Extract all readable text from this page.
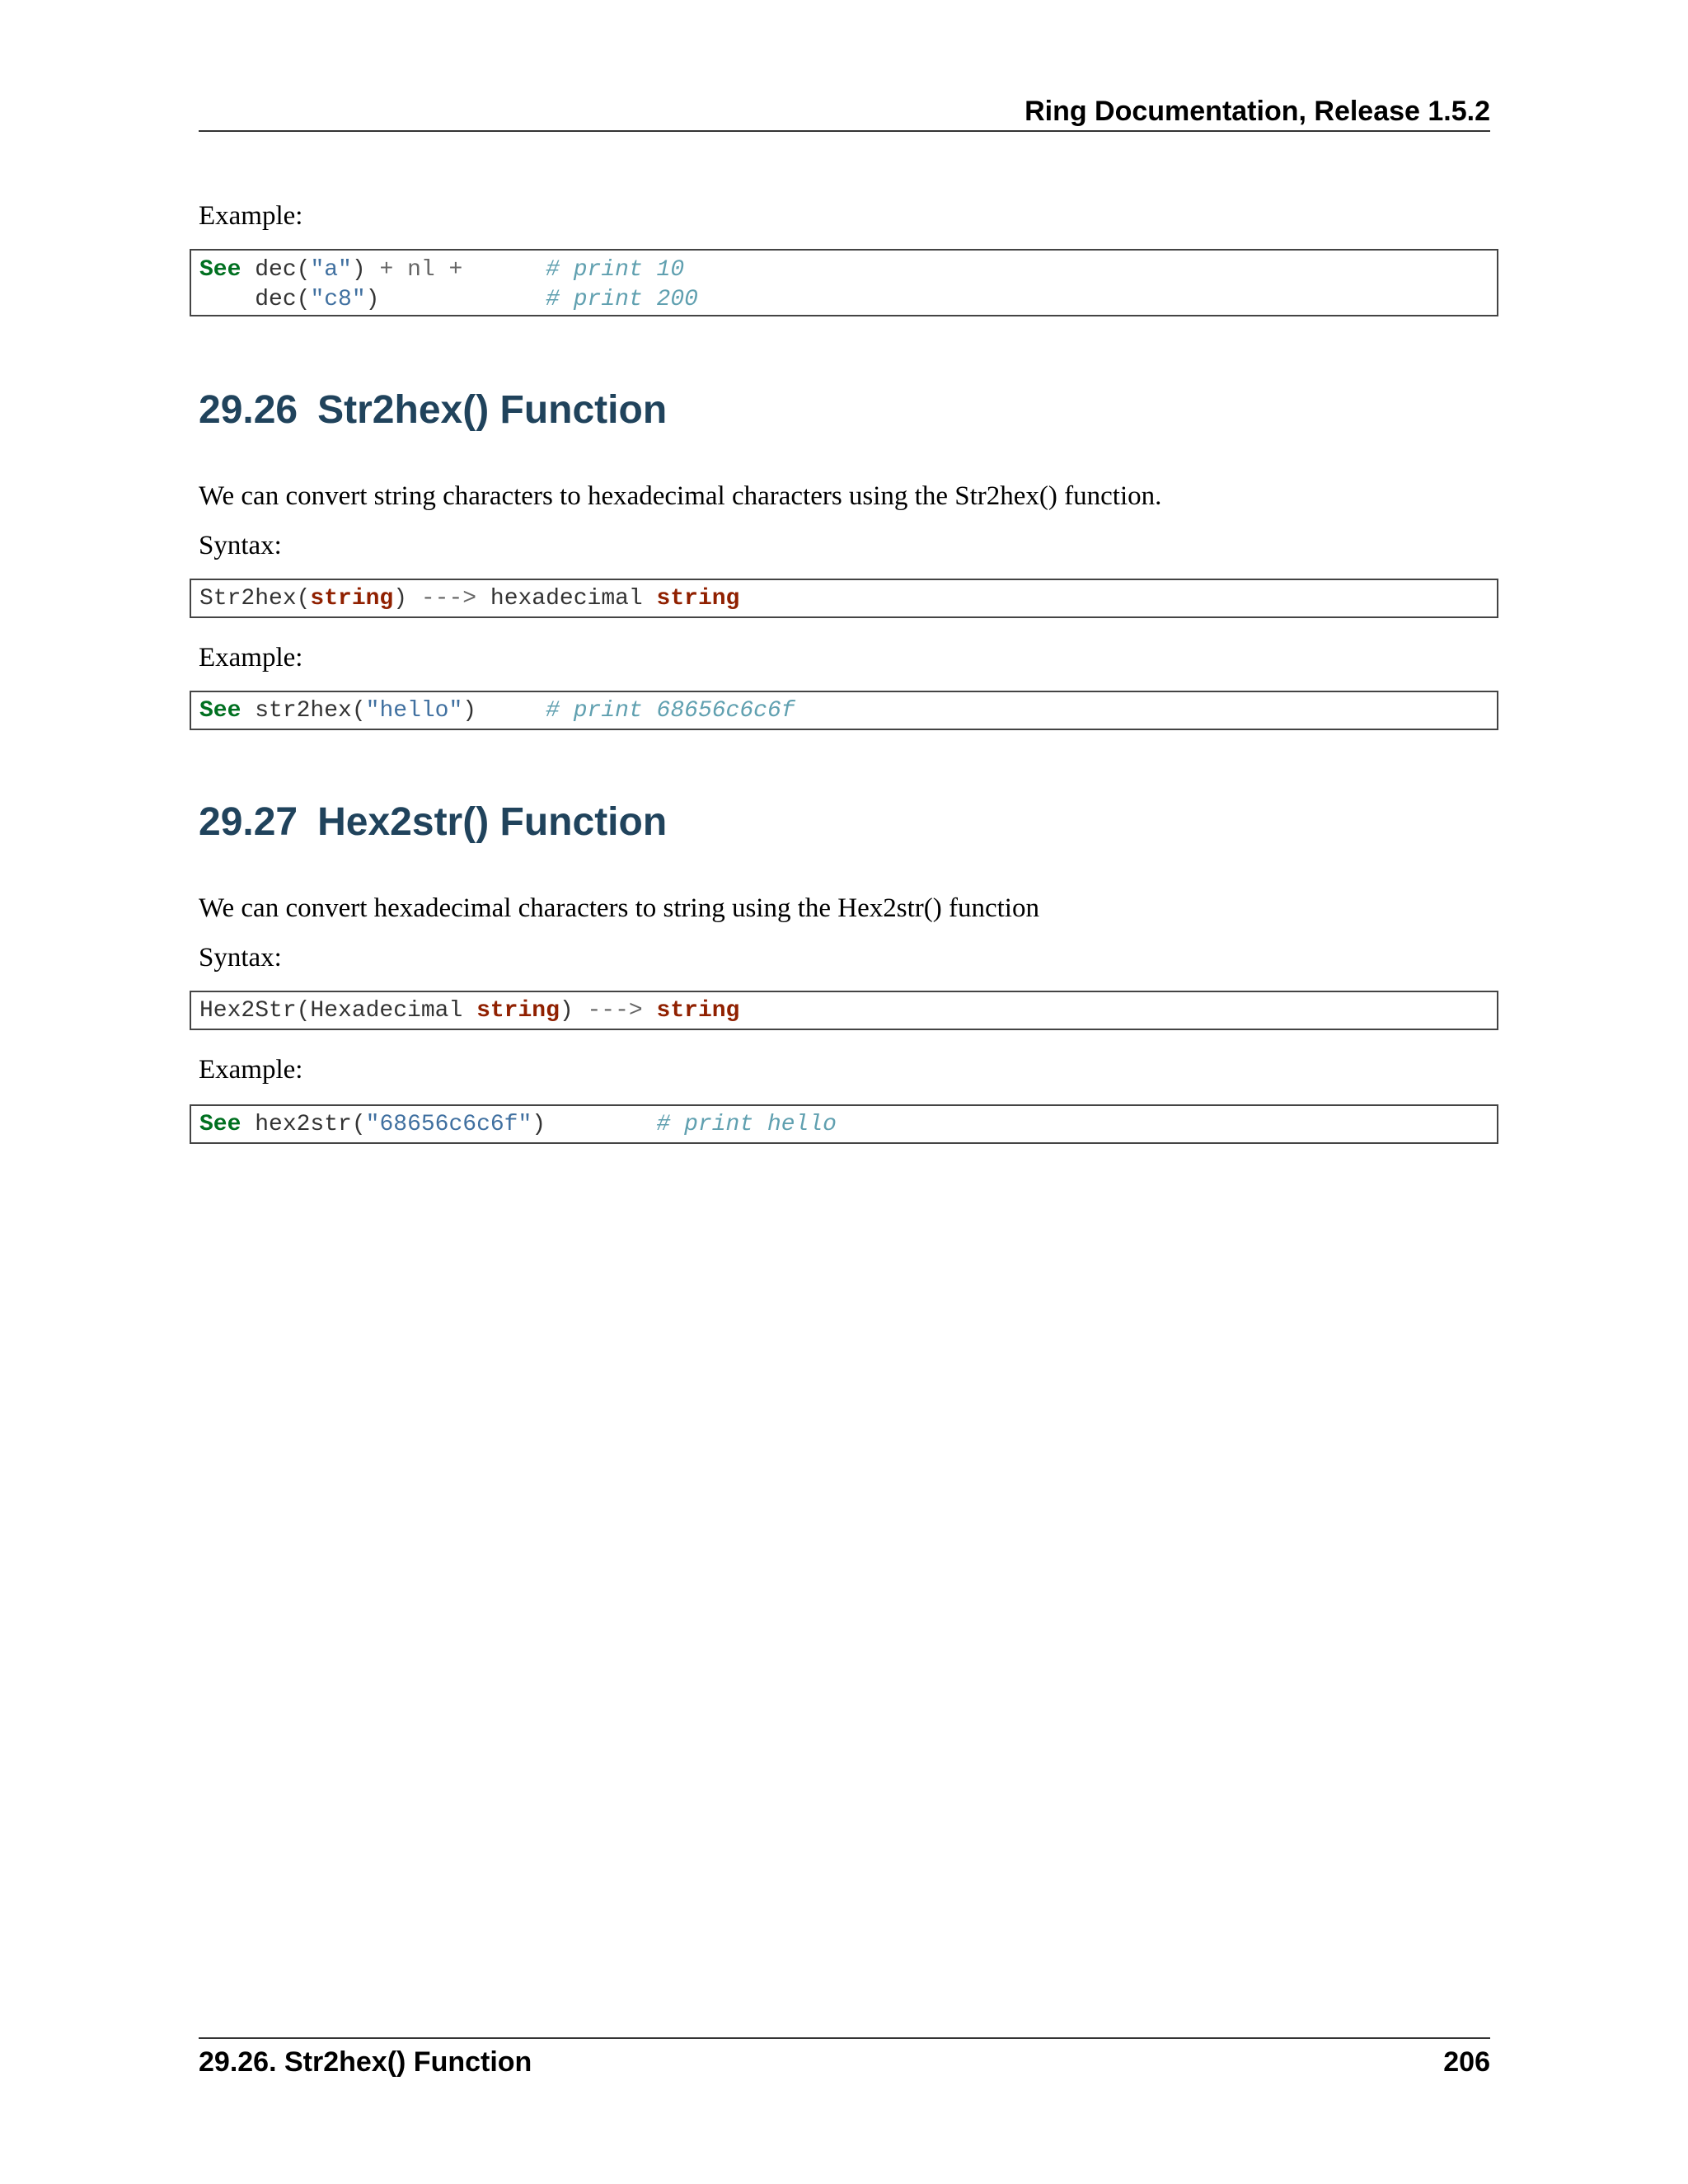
Ring Documentation, Release 1.5.2
Example:
See dec("a") + nl +	# print 10
dec("c8")	# print 200
29.26 Str2hex() Function
We can convert string characters to hexadecimal characters using the Str2hex() function.
Syntax:
Str2hex(string) ---> hexadecimal string
Example:
See str2hex("hello")	# print 68656c6c6f
29.27 Hex2str() Function
We can convert hexadecimal characters to string using the Hex2str() function
Syntax:
Hex2Str(Hexadecimal string) ---> string
Example:
See hex2str("68656c6c6f")	# print hello
29.26. Str2hex() Function	206
